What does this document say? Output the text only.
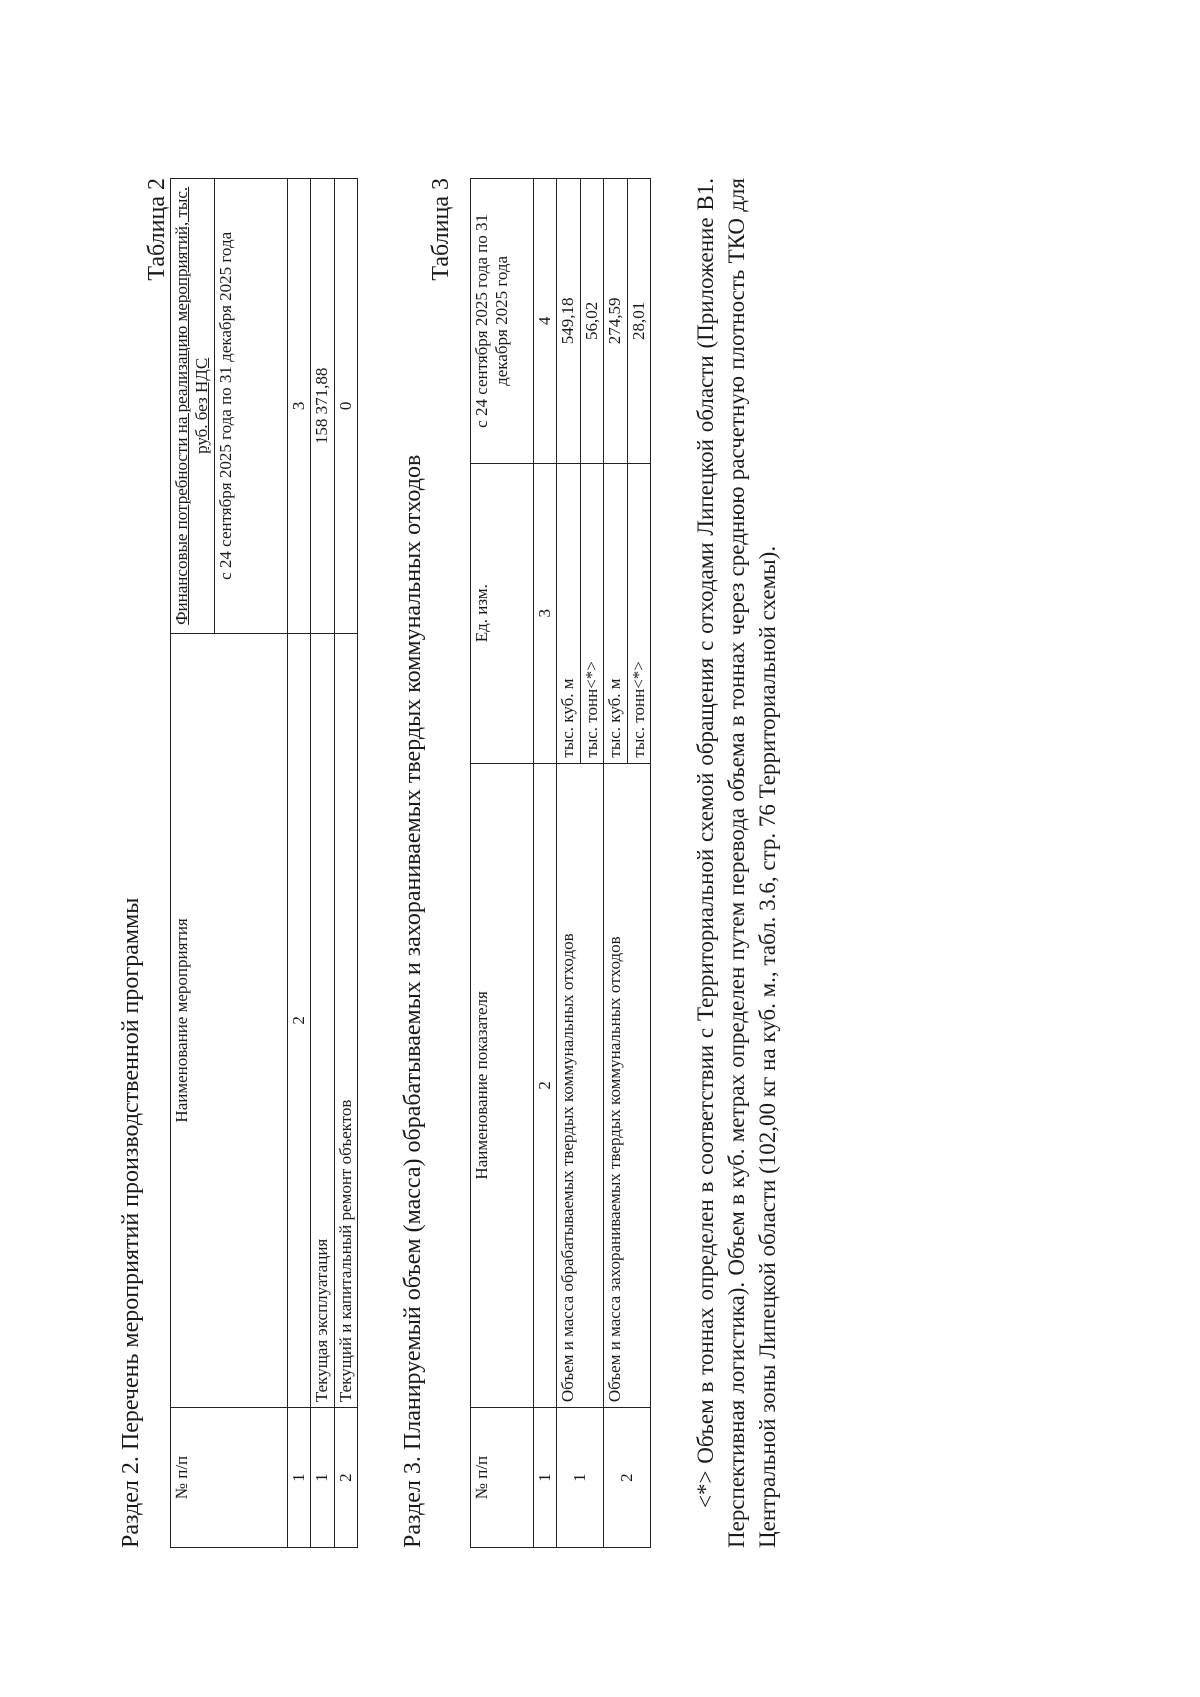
Раздел 2. Перечень мероприятий производственной программы
Таблица 2
№ п/п	Наименование мероприятия	Финансовые потребности на реализацию мероприятий, тыс. руб. без НДС
		с 24 сентября 2025 года по 31 декабря 2025 года
1	2	3
1	Текущая эксплуатация	158 371,88
2	Текущий и капитальный ремонт объектов	0
Раздел 3. Планируемый объем (масса) обрабатываемых и захораниваемых твердых коммунальных отходов
Таблица 3
№ п/п	Наименование показателя	Ед. изм.	с 24 сентября 2025 года по 31 декабря 2025 года
1	2	3	4
1	Объем и масса обрабатываемых твердых коммунальных отходов	тыс. куб. м	549,18
		тыс. тонн<*>	56,02
2	Объем и масса захораниваемых твердых коммунальных отходов	тыс. куб. м	274,59
		тыс. тонн<*>	28,01 <*> Объем в тоннах определен в соответствии с Территориальной схемой обращения с отходами Липецкой области (Приложение В1. Перспективная логистика). Объем в куб. метрах определен путем перевода объема в тоннах через среднюю расчетную плотность ТКО для Центральной зоны Липецкой области (102,00 кг на куб. м., табл. 3.6, стр. 76 Территориальной схемы).
